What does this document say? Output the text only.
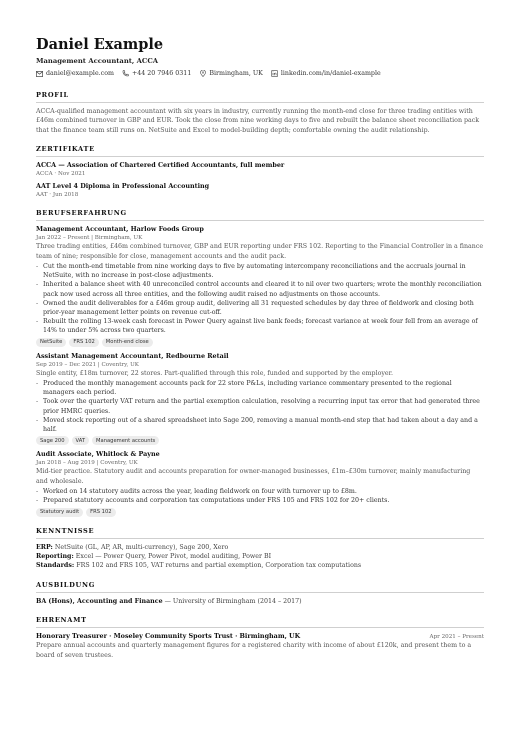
Daniel Example
Management Accountant, ACCA
daniel@example.com	+44 20 7946 0311	Birmingham, UK	linkedin.com/in/daniel-example
PROFIL
ACCA-qualified management accountant with six years in industry, currently running the month-end close for three trading entities with £46m combined turnover in GBP and EUR. Took the close from nine working days to five and rebuilt the balance sheet reconciliation pack that the finance team still runs on. NetSuite and Excel to model-building depth; comfortable owning the audit relationship.
ZERTIFIKATE
ACCA — Association of Chartered Certified Accountants, full member
ACCA · Nov 2021
AAT Level 4 Diploma in Professional Accounting
AAT · Jun 2018
BERUFSERFAHRUNG
Management Accountant, Harlow Foods Group
Jan 2022 – Present | Birmingham, UK
Three trading entities, £46m combined turnover, GBP and EUR reporting under FRS 102. Reporting to the Financial Controller in a finance team of nine; responsible for close, management accounts and the audit pack.
- Cut the month-end timetable from nine working days to five by automating intercompany reconciliations and the accruals journal in NetSuite, with no increase in post-close adjustments.
- Inherited a balance sheet with 40 unreconciled control accounts and cleared it to nil over two quarters; wrote the monthly reconciliation pack now used across all three entities, and the following audit raised no adjustments on those accounts.
- Owned the audit deliverables for a £46m group audit, delivering all 31 requested schedules by day three of fieldwork and closing both prior-year management letter points on revenue cut-off.
- Rebuilt the rolling 13-week cash forecast in Power Query against live bank feeds; forecast variance at week four fell from an average of 14% to under 5% across two quarters.
NetSuite	FRS 102	Month-end close
Assistant Management Accountant, Redbourne Retail
Sep 2019 – Dec 2021 | Coventry, UK
Single entity, £18m turnover, 22 stores. Part-qualified through this role, funded and supported by the employer.
- Produced the monthly management accounts pack for 22 store P&Ls, including variance commentary presented to the regional managers each period.
- Took over the quarterly VAT return and the partial exemption calculation, resolving a recurring input tax error that had generated three prior HMRC queries.
- Moved stock reporting out of a shared spreadsheet into Sage 200, removing a manual month-end step that had taken about a day and a half.
Sage 200	VAT	Management accounts
Audit Associate, Whitlock & Payne
Jan 2018 – Aug 2019 | Coventry, UK
Mid-tier practice. Statutory audit and accounts preparation for owner-managed businesses, £1m–£30m turnover, mainly manufacturing and wholesale.
- Worked on 14 statutory audits across the year, leading fieldwork on four with turnover up to £8m.
- Prepared statutory accounts and corporation tax computations under FRS 105 and FRS 102 for 20+ clients.
Statutory audit	FRS 102
KENNTNISSE
ERP: NetSuite (GL, AP, AR, multi-currency), Sage 200, Xero
Reporting: Excel — Power Query, Power Pivot, model auditing, Power BI
Standards: FRS 102 and FRS 105, VAT returns and partial exemption, Corporation tax computations
AUSBILDUNG
BA (Hons), Accounting and Finance — University of Birmingham (2014 – 2017)
EHRENAMT
Honorary Treasurer · Moseley Community Sports Trust · Birmingham, UK	Apr 2021 – Present
Prepare annual accounts and quarterly management figures for a registered charity with income of about £120k, and present them to a board of seven trustees.
